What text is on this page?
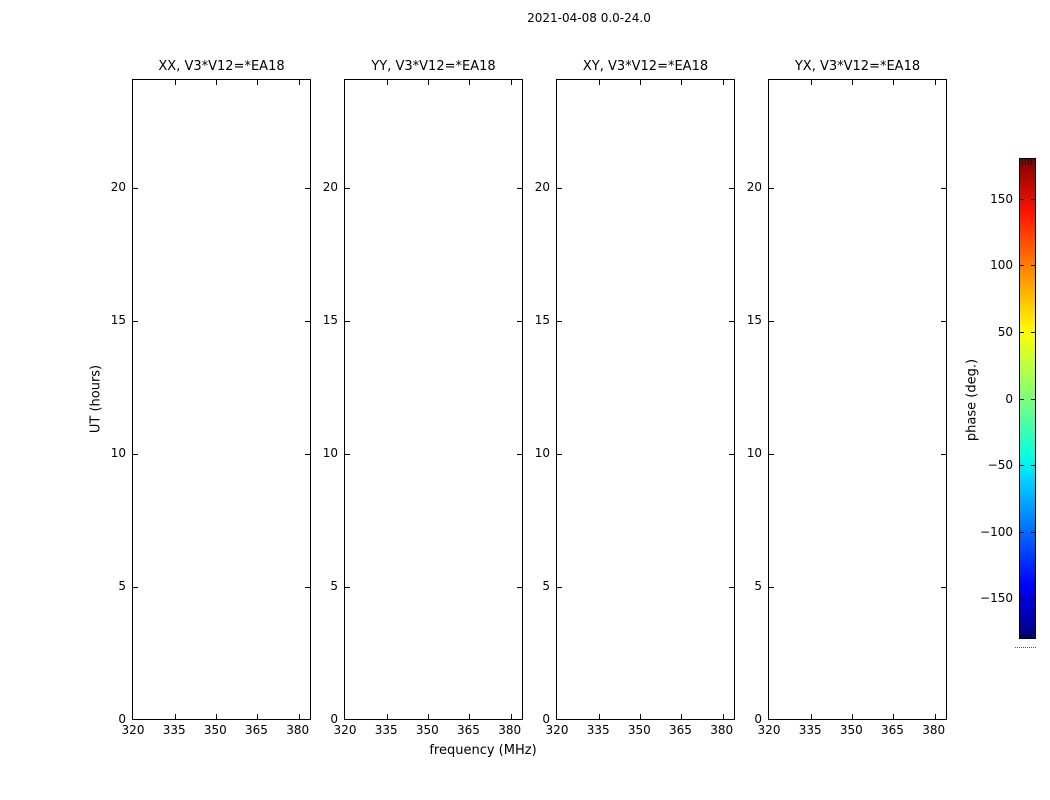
2021-04-08 0.0-24.0
XX, V3*V12=*EA18
320 335 350 365 380
0
5
10
15
20
YY, V3*V12=*EA18
320 335 350 365 380
0
5
10
15
20
XY, V3*V12=*EA18
320 335 350 365 380
0
5
10
15
20
YX, V3*V12=*EA18
320 335 350 365 380
0
5
10
15
20
frequency (MHz)
UT (hours)
150
100
50
0
−50
−100
−150
phase (deg.)
